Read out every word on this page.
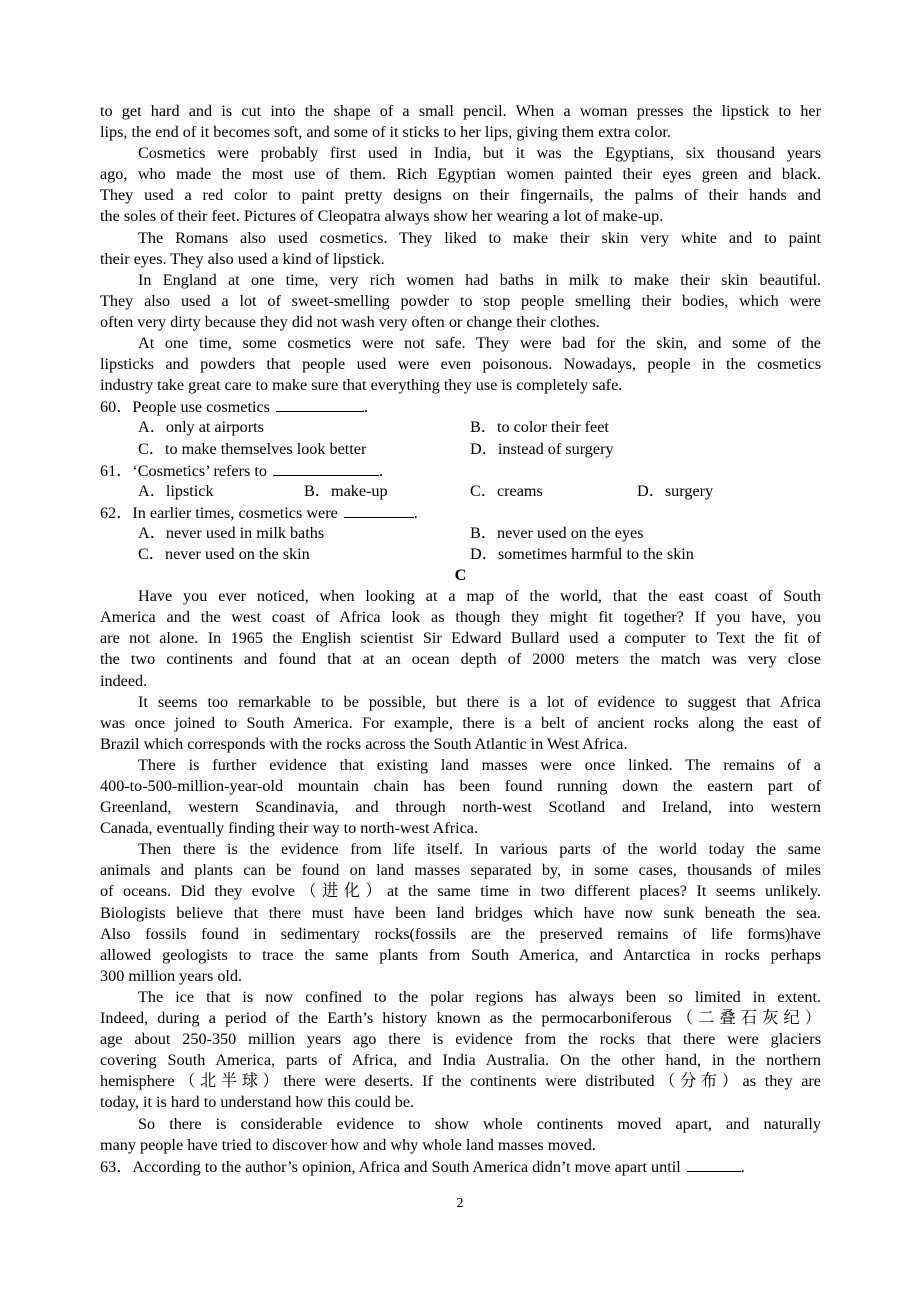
to get hard and is cut into the shape of a small pencil. When a woman presses the lipstick to her
lips, the end of it becomes soft, and some of it sticks to her lips, giving them extra color.
Cosmetics were probably first used in India, but it was the Egyptians, six thousand years
ago, who made the most use of them. Rich Egyptian women painted their eyes green and black.
They used a red color to paint pretty designs on their fingernails, the palms of their hands and
the soles of their feet. Pictures of Cleopatra always show her wearing a lot of make-up.
The Romans also used cosmetics. They liked to make their skin very white and to paint
their eyes. They also used a kind of lipstick.
In England at one time, very rich women had baths in milk to make their skin beautiful.
They also used a lot of sweet-smelling powder to stop people smelling their bodies, which were
often very dirty because they did not wash very often or change their clothes.
At one time, some cosmetics were not safe. They were bad for the skin, and some of the
lipsticks and powders that people used were even poisonous. Nowadays, people in the cosmetics
industry take great care to make sure that everything they use is completely safe.
60．People use cosmetics	.
A．only at airports	B．to color their feet
C．to make themselves look better	D．instead of surgery
61．‘Cosmetics’ refers to	.
A．lipstick	B．make-up	C．creams	D．surgery
62．In earlier times, cosmetics were	.
A．never used in milk baths	B．never used on the eyes
C．never used on the skin	D．sometimes harmful to the skin
C
Have you ever noticed, when looking at a map of the world, that the east coast of South
America and the west coast of Africa look as though they might fit together? If you have, you
are not alone. In 1965 the English scientist Sir Edward Bullard used a computer to Text the fit of
the two continents and found that at an ocean depth of 2000 meters the match was very close
indeed.
It seems too remarkable to be possible, but there is a lot of evidence to suggest that Africa
was once joined to South America. For example, there is a belt of ancient rocks along the east of
Brazil which corresponds with the rocks across the South Atlantic in West Africa.
There is further evidence that existing land masses were once linked. The remains of a
400-to-500-million-year-old mountain chain has been found running down the eastern part of
Greenland, western Scandinavia, and through north-west Scotland and Ireland, into western
Canada, eventually finding their way to north-west Africa.
Then there is the evidence from life itself. In various parts of the world today the same
animals and plants can be found on land masses separated by, in some cases, thousands of miles
of oceans. Did they evolve（进化）at the same time in two different places? It seems unlikely.
Biologists believe that there must have been land bridges which have now sunk beneath the sea.
Also fossils found in sedimentary rocks(fossils are the preserved remains of life forms)have
allowed geologists to trace the same plants from South America, and Antarctica in rocks perhaps
300 million years old.
The ice that is now confined to the polar regions has always been so limited in extent.
Indeed, during a period of the Earth’s history known as the permocarboniferous（二叠石灰纪）
age about 250-350 million years ago there is evidence from the rocks that there were glaciers
covering South America, parts of Africa, and India Australia. On the other hand, in the northern
hemisphere（北半球）there were deserts. If the continents were distributed（分布）as they are
today, it is hard to understand how this could be.
So there is considerable evidence to show whole continents moved apart, and naturally
many people have tried to discover how and why whole land masses moved.
63．According to the author’s opinion, Africa and South America didn’t move apart until	.
2
